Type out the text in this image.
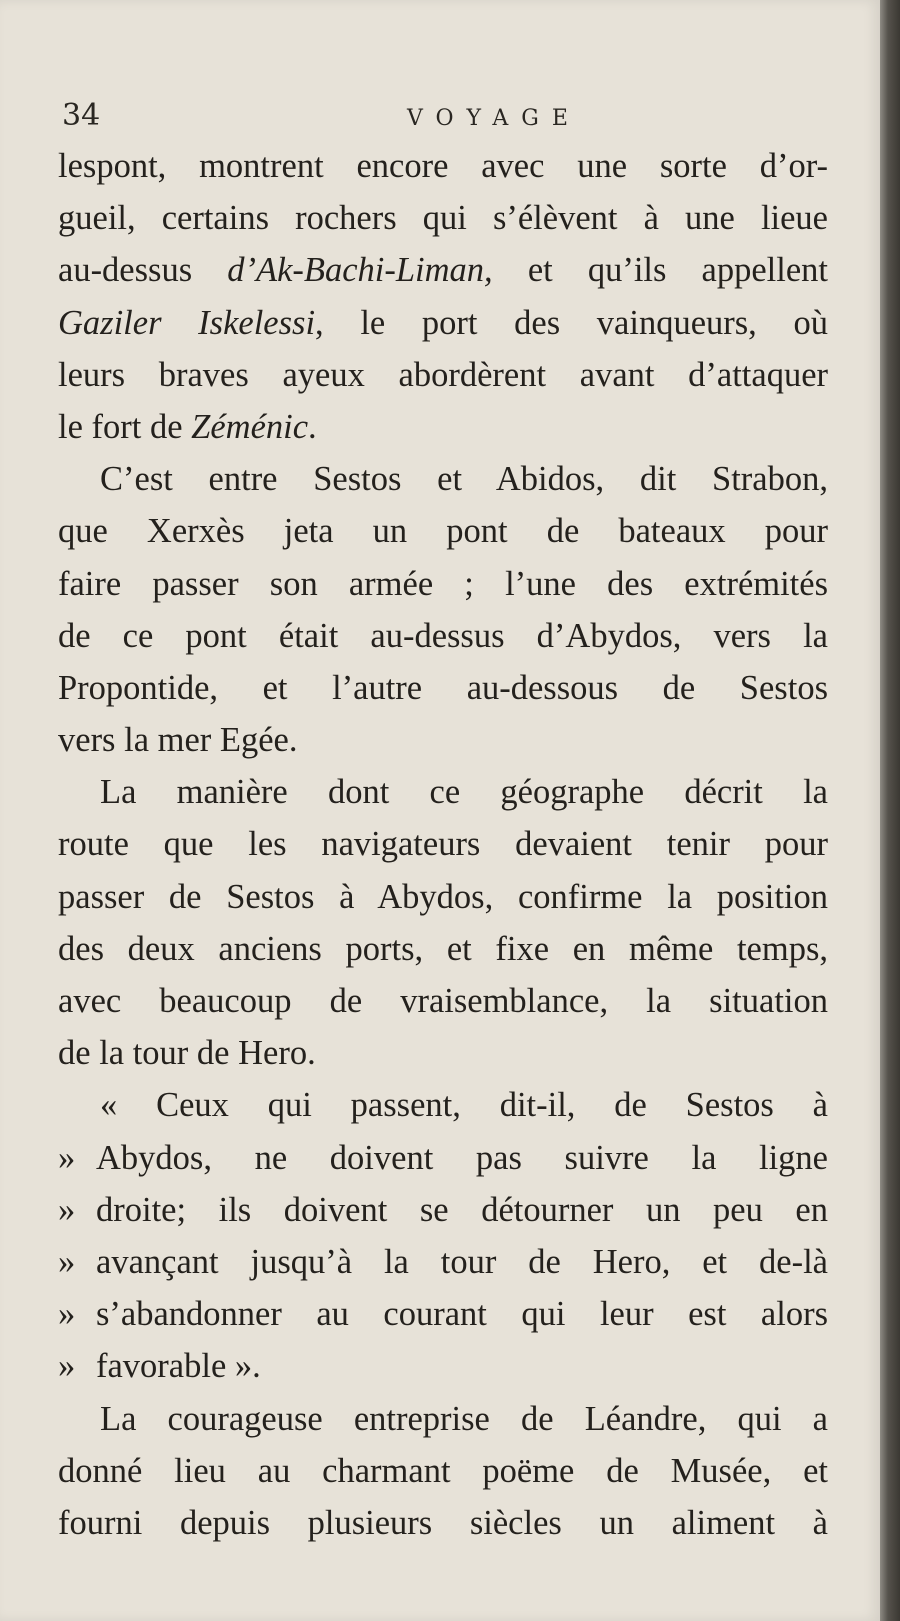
34	VOYAGE
lespont, montrent encore avec une sorte d’or-
gueil, certains rochers qui s’élèvent à une lieue
au-dessus d’Ak-Bachi-Liman, et qu’ils appellent
Gaziler Iskelessi, le port des vainqueurs, où
leurs braves ayeux abordèrent avant d’attaquer
le fort de Zéménic.
C’est entre Sestos et Abidos, dit Strabon,
que Xerxès jeta un pont de bateaux pour
faire passer son armée ; l’une des extrémités
de ce pont était au-dessus d’Abydos, vers la
Propontide, et l’autre au-dessous de Sestos
vers la mer Egée.
La manière dont ce géographe décrit la
route que les navigateurs devaient tenir pour
passer de Sestos à Abydos, confirme la position
des deux anciens ports, et fixe en même temps,
avec beaucoup de vraisemblance, la situation
de la tour de Hero.
« Ceux qui passent, dit-il, de Sestos à
» Abydos, ne doivent pas suivre la ligne
» droite; ils doivent se détourner un peu en
» avançant jusqu’à la tour de Hero, et de-là
» s’abandonner au courant qui leur est alors
» favorable ».
La courageuse entreprise de Léandre, qui a
donné lieu au charmant poëme de Musée, et
fourni depuis plusieurs siècles un aliment à
